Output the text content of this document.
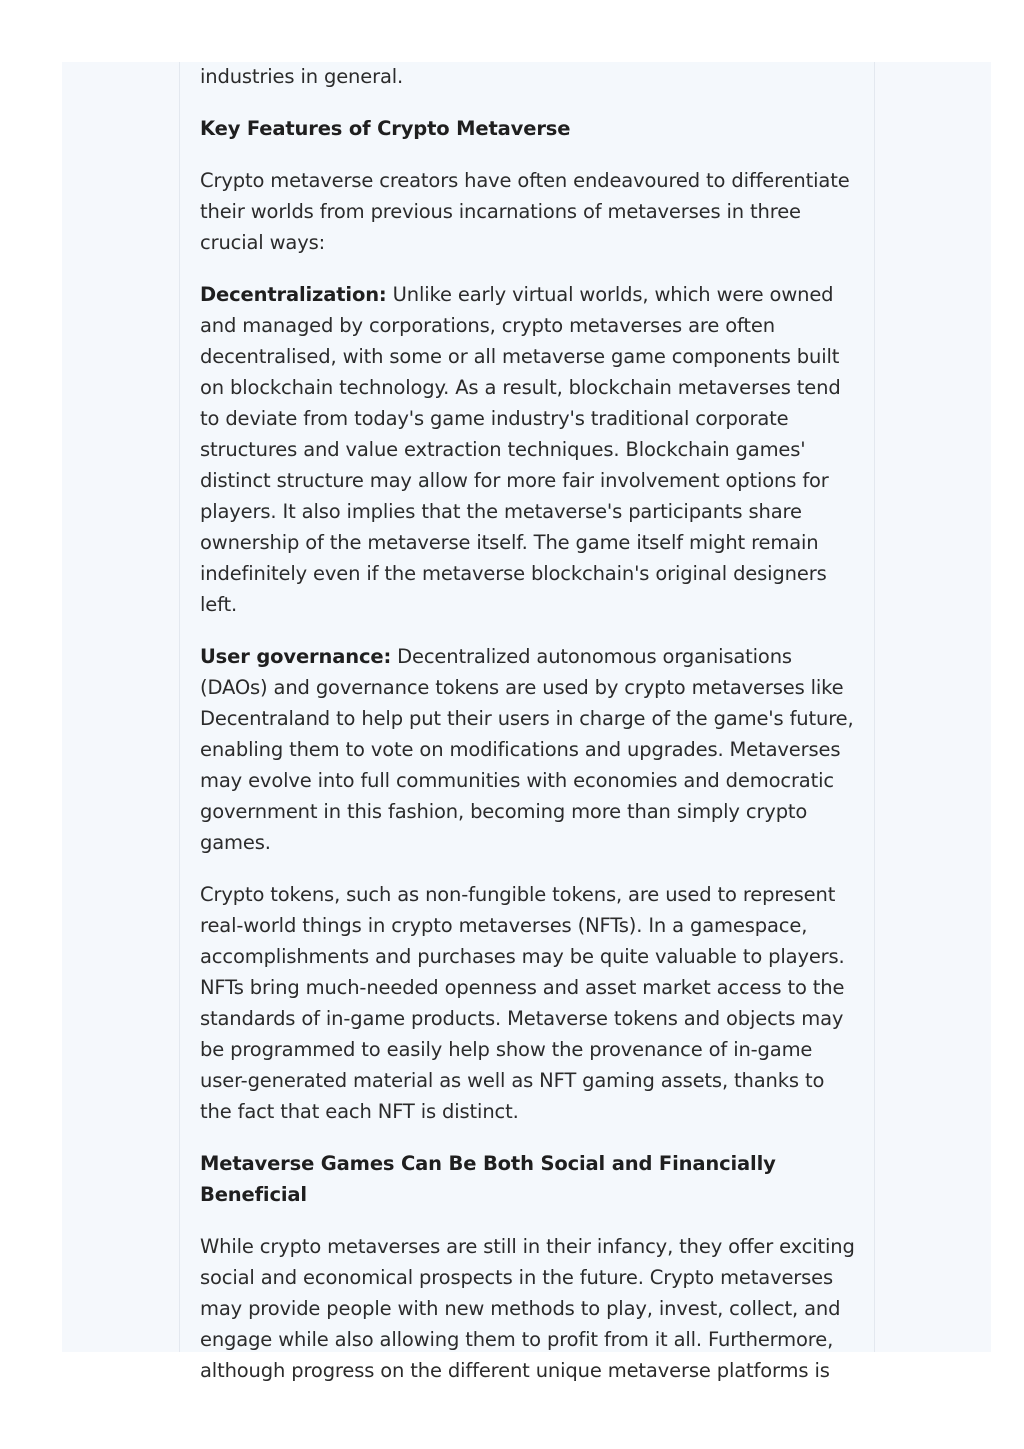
industries in general.

Key Features of Crypto Metaverse

Crypto metaverse creators have often endeavoured to differentiate their worlds from previous incarnations of metaverses in three crucial ways:

Decentralization: Unlike early virtual worlds, which were owned and managed by corporations, crypto metaverses are often decentralised, with some or all metaverse game components built on blockchain technology. As a result, blockchain metaverses tend to deviate from today's game industry's traditional corporate structures and value extraction techniques. Blockchain games' distinct structure may allow for more fair involvement options for players. It also implies that the metaverse's participants share ownership of the metaverse itself. The game itself might remain indefinitely even if the metaverse blockchain's original designers left.

User governance: Decentralized autonomous organisations (DAOs) and governance tokens are used by crypto metaverses like Decentraland to help put their users in charge of the game's future, enabling them to vote on modifications and upgrades. Metaverses may evolve into full communities with economies and democratic government in this fashion, becoming more than simply crypto games.

Crypto tokens, such as non-fungible tokens, are used to represent real-world things in crypto metaverses (NFTs). In a gamespace, accomplishments and purchases may be quite valuable to players. NFTs bring much-needed openness and asset market access to the standards of in-game products. Metaverse tokens and objects may be programmed to easily help show the provenance of in-game user-generated material as well as NFT gaming assets, thanks to the fact that each NFT is distinct.

Metaverse Games Can Be Both Social and Financially Beneficial

While crypto metaverses are still in their infancy, they offer exciting social and economical prospects in the future. Crypto metaverses may provide people with new methods to play, invest, collect, and engage while also allowing them to profit from it all. Furthermore, although progress on the different unique metaverse platforms is
